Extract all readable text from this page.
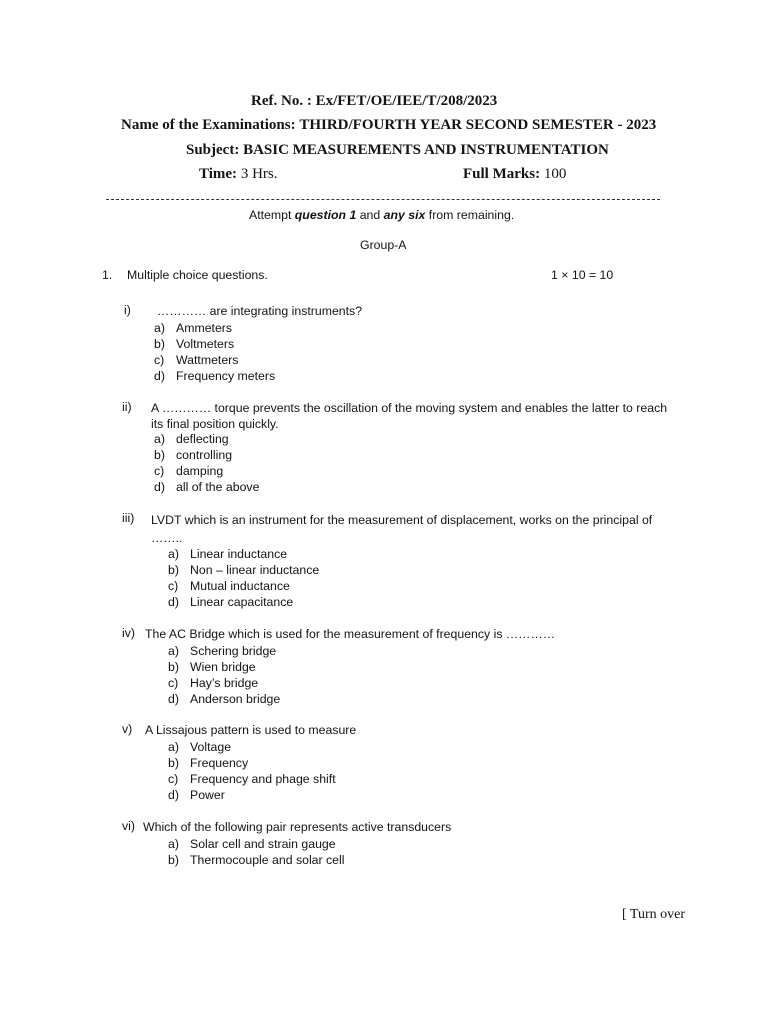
Ref. No. : Ex/FET/OE/IEE/T/208/2023
Name of the Examinations: THIRD/FOURTH YEAR SECOND SEMESTER - 2023
Subject: BASIC MEASUREMENTS AND INSTRUMENTATION
Time: 3 Hrs.	Full Marks: 100
Attempt question 1 and any six from remaining.
Group-A
1. Multiple choice questions.	1 × 10 = 10
i) ………… are integrating instruments?
a) Ammeters
b) Voltmeters
c) Wattmeters
d) Frequency meters
ii) A ………… torque prevents the oscillation of the moving system and enables the latter to reach its final position quickly.
a) deflecting
b) controlling
c) damping
d) all of the above
iii) LVDT which is an instrument for the measurement of displacement, works on the principal of ……..
a) Linear inductance
b) Non – linear inductance
c) Mutual inductance
d) Linear capacitance
iv) The AC Bridge which is used for the measurement of frequency is …………
a) Schering bridge
b) Wien bridge
c) Hay’s bridge
d) Anderson bridge
v) A Lissajous pattern is used to measure
a) Voltage
b) Frequency
c) Frequency and phage shift
d) Power
vi) Which of the following pair represents active transducers
a) Solar cell and strain gauge
b) Thermocouple and solar cell
[ Turn over
